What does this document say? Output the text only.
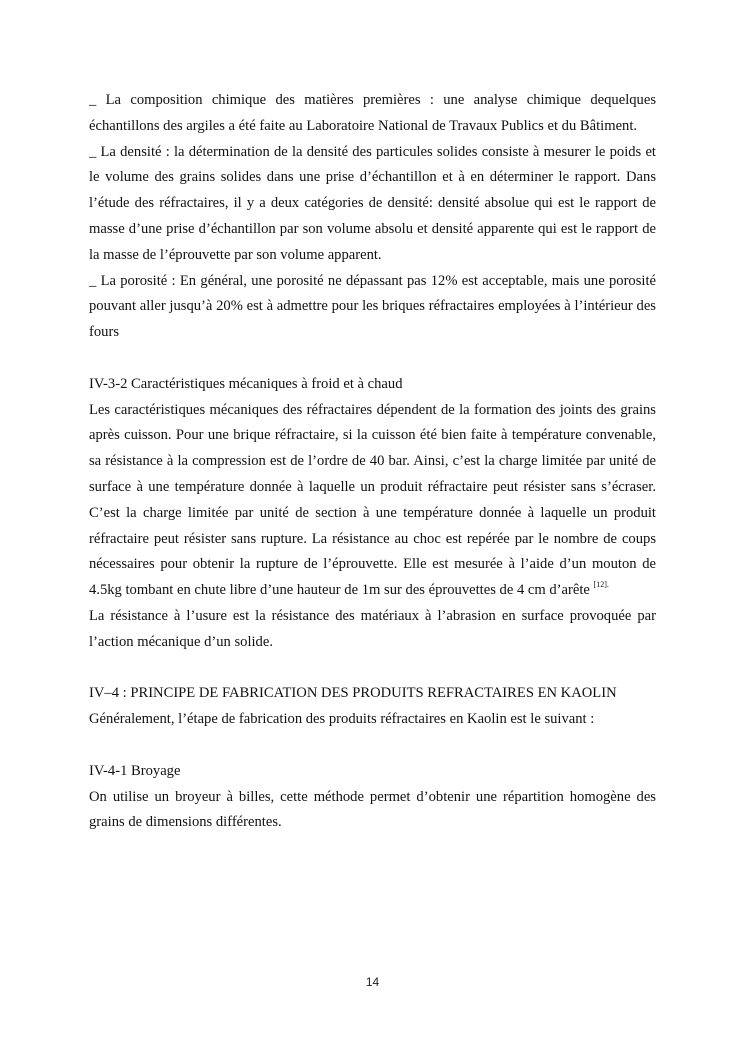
_ La composition chimique des matières premières : une analyse chimique dequelques échantillons des argiles a été faite au Laboratoire National de Travaux Publics et du Bâtiment.

_ La densité : la détermination de la densité des particules solides consiste à mesurer le poids et le volume des grains solides dans une prise d’échantillon et à en déterminer le rapport. Dans l’étude des réfractaires, il y a deux catégories de densité: densité absolue qui est le rapport de masse d’une prise d’échantillon par son volume absolu et densité apparente qui est le rapport de la masse de l’éprouvette par son volume apparent.

_ La porosité : En général, une porosité ne dépassant pas 12% est acceptable, mais une porosité pouvant aller jusqu’à 20% est à admettre pour les briques réfractaires employées à l’intérieur des fours

IV-3-2 Caractéristiques mécaniques à froid et à chaud

Les caractéristiques mécaniques des réfractaires dépendent de la formation des joints des grains après cuisson. Pour une brique réfractaire, si la cuisson été bien faite à température convenable, sa résistance à la compression est de l’ordre de 40 bar. Ainsi, c’est la charge limitée par unité de surface à une température donnée à laquelle un produit réfractaire peut résister sans s’écraser. C’est la charge limitée par unité de section à une température donnée à laquelle un produit réfractaire peut résister sans rupture. La résistance au choc est repérée par le nombre de coups nécessaires pour obtenir la rupture de l’éprouvette. Elle est mesurée à l’aide d’un mouton de 4.5kg tombant en chute libre d’une hauteur de 1m sur des éprouvettes de 4 cm d’arête $^{[12].}$

La résistance à l’usure est la résistance des matériaux à l’abrasion en surface provoquée par l’action mécanique d’un solide.

IV–4 : PRINCIPE DE FABRICATION DES PRODUITS REFRACTAIRES EN KAOLIN

Généralement, l’étape de fabrication des produits réfractaires en Kaolin est le suivant :

IV-4-1 Broyage

On utilise un broyeur à billes, cette méthode permet d’obtenir une répartition homogène des grains de dimensions différentes.

14
